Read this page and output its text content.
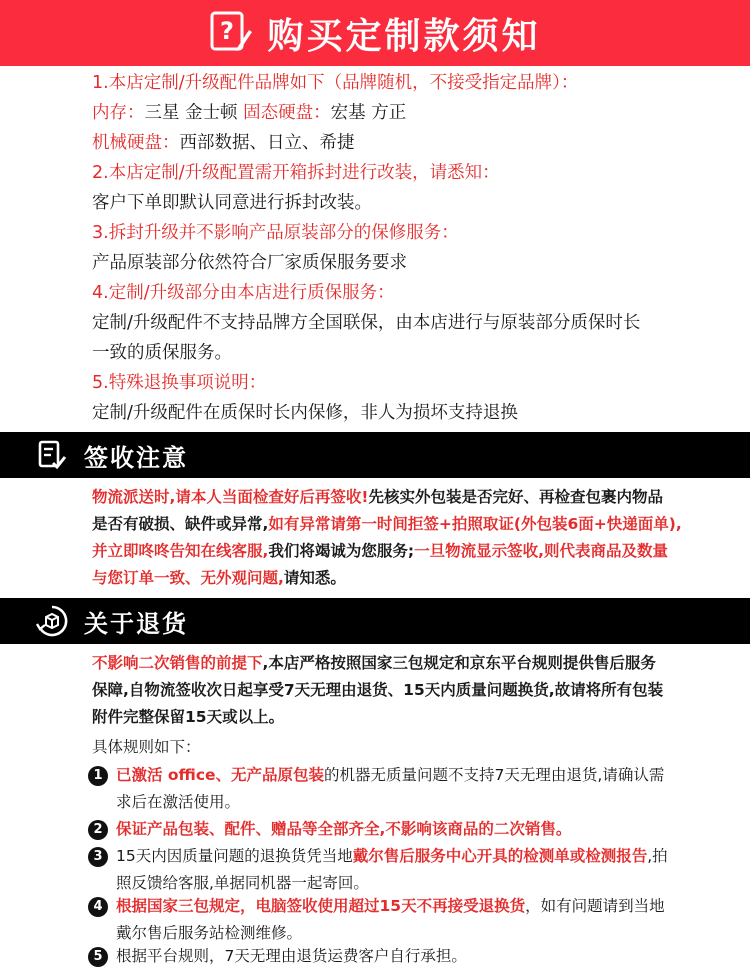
? 购买定制款须知
1.本店定制/升级配件品牌如下（品牌随机，不接受指定品牌）：
内存：三星 金士顿 固态硬盘：宏基 方正
机械硬盘：西部数据、日立、希捷
2.本店定制/升级配置需开箱拆封进行改装，请悉知：
客户下单即默认同意进行拆封改装。
3.拆封升级并不影响产品原装部分的保修服务：
产品原装部分依然符合厂家质保服务要求
4.定制/升级部分由本店进行质保服务：
定制/升级配件不支持品牌方全国联保，由本店进行与原装部分质保时长
一致的质保服务。
5.特殊退换事项说明：
定制/升级配件在质保时长内保修，非人为损坏支持退换
签收注意
物流派送时,请本人当面检查好后再签收!先核实外包装是否完好、再检查包裹内物品
是否有破损、缺件或异常,如有异常请第一时间拒签+拍照取证(外包装6面+快递面单),
并立即咚咚告知在线客服,我们将竭诚为您服务;一旦物流显示签收,则代表商品及数量
与您订单一致、无外观问题,请知悉。
关于退货
不影响二次销售的前提下,本店严格按照国家三包规定和京东平台规则提供售后服务
保障,自物流签收次日起享受7天无理由退货、15天内质量问题换货,故请将所有包装
附件完整保留15天或以上。
具体规则如下：
1 已激活 office、无产品原包装的机器无质量问题不支持7天无理由退货,请确认需
求后在激活使用。
2 保证产品包装、配件、赠品等全部齐全,不影响该商品的二次销售。
3 15天内因质量问题的退换货凭当地戴尔售后服务中心开具的检测单或检测报告,拍
照反馈给客服,单据同机器一起寄回。
4 根据国家三包规定，电脑签收使用超过15天不再接受退换货，如有问题请到当地
戴尔售后服务站检测维修。
5 根据平台规则，7天无理由退货运费客户自行承担。
